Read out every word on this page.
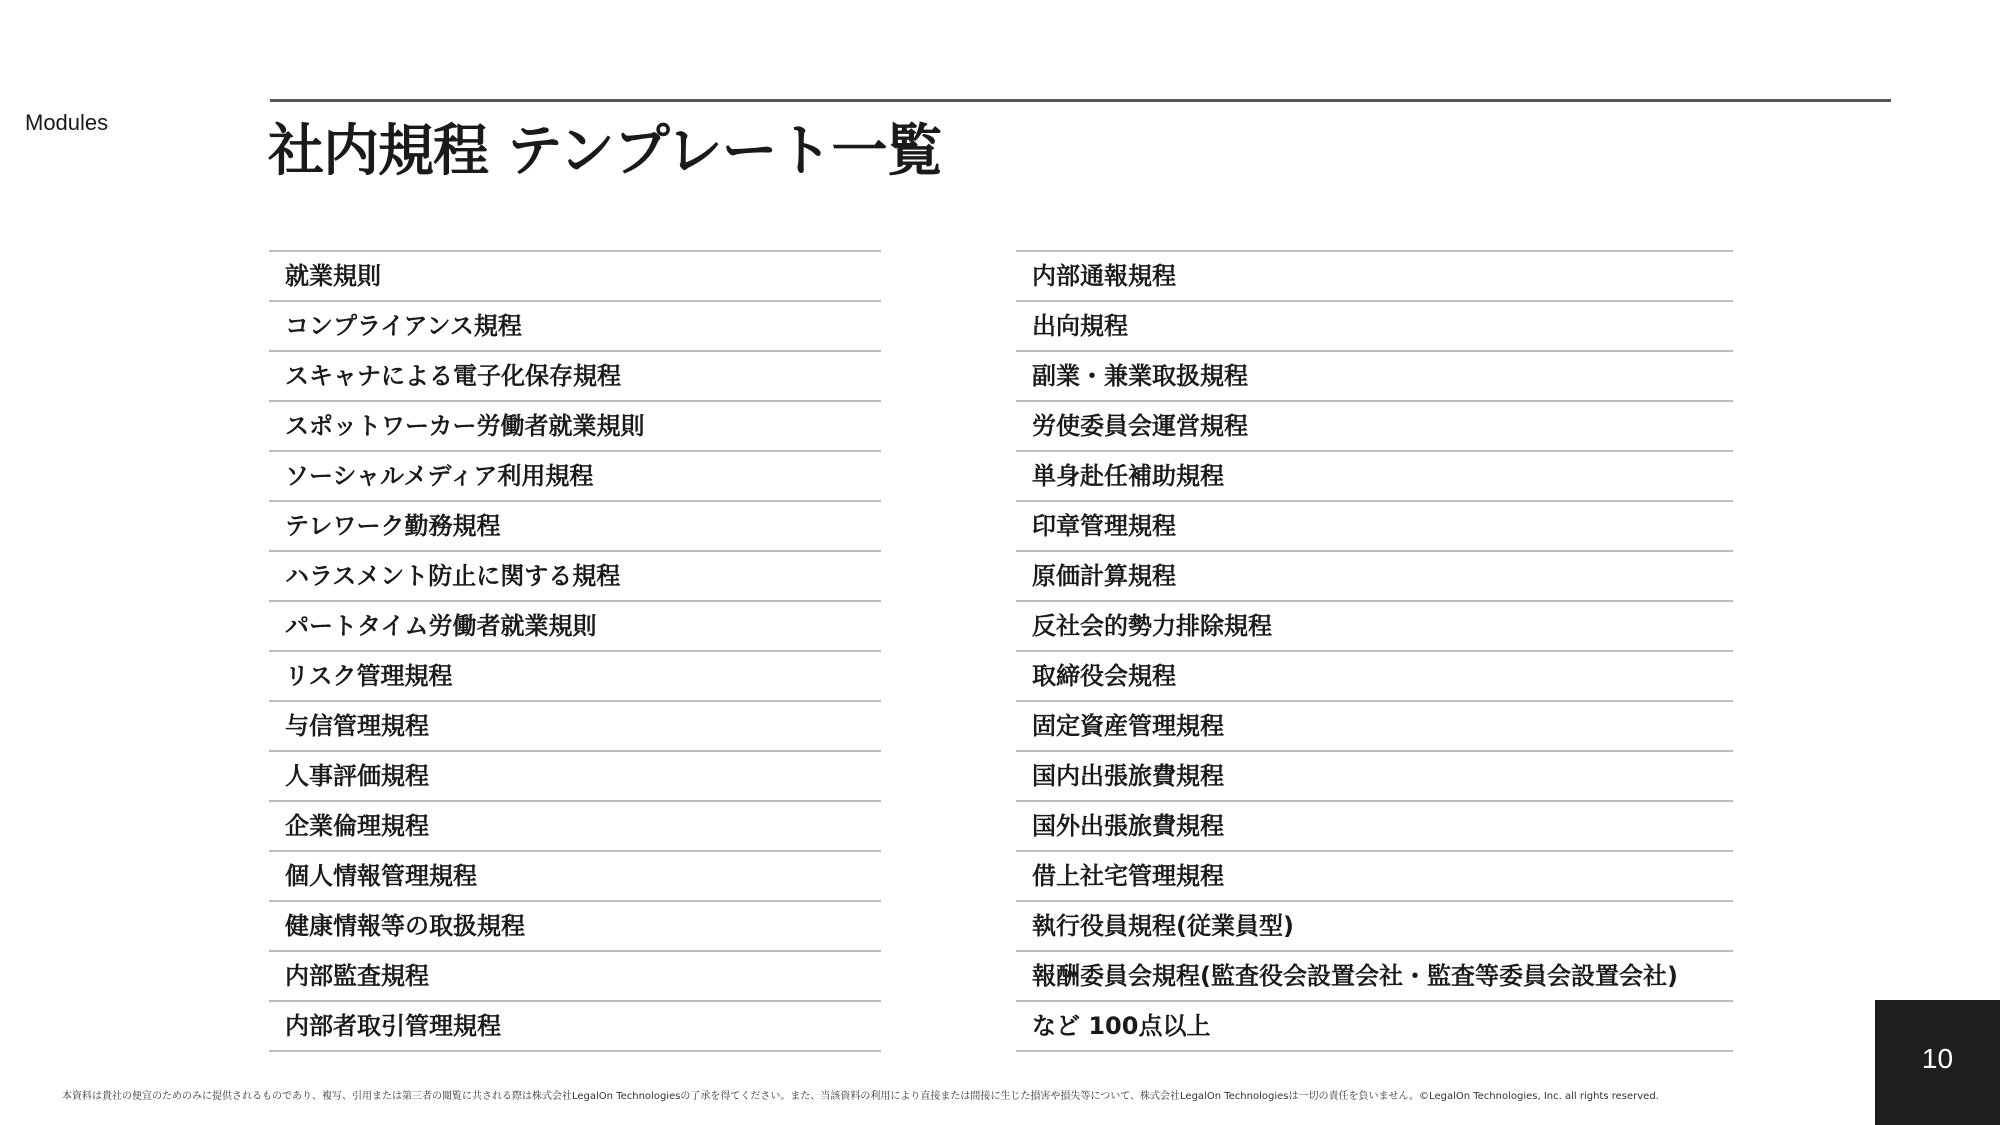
Modules	社内規程 テンプレート一覧
就業規則
コンプライアンス規程
スキャナによる電子化保存規程
スポットワーカー労働者就業規則
ソーシャルメディア利用規程
テレワーク勤務規程
ハラスメント防止に関する規程
パートタイム労働者就業規則
リスク管理規程
与信管理規程
人事評価規程
企業倫理規程
個人情報管理規程
健康情報等の取扱規程
内部監査規程
内部者取引管理規程
内部通報規程
出向規程
副業・兼業取扱規程
労使委員会運営規程
単身赴任補助規程
印章管理規程
原価計算規程
反社会的勢力排除規程
取締役会規程
固定資産管理規程
国内出張旅費規程
国外出張旅費規程
借上社宅管理規程
執行役員規程(従業員型)
報酬委員会規程(監査役会設置会社・監査等委員会設置会社)
など 100点以上
本資料は貴社の便宜のためのみに提供されるものであり、複写、引用または第三者の閲覧に共される際は株式会社LegalOn Technologiesの了承を得てください。また、当該資料の利用により直接または間接に生じた損害や損失等について、株式会社LegalOn Technologiesは一切の責任を負いません。©LegalOn Technologies, Inc. all rights reserved.
10
